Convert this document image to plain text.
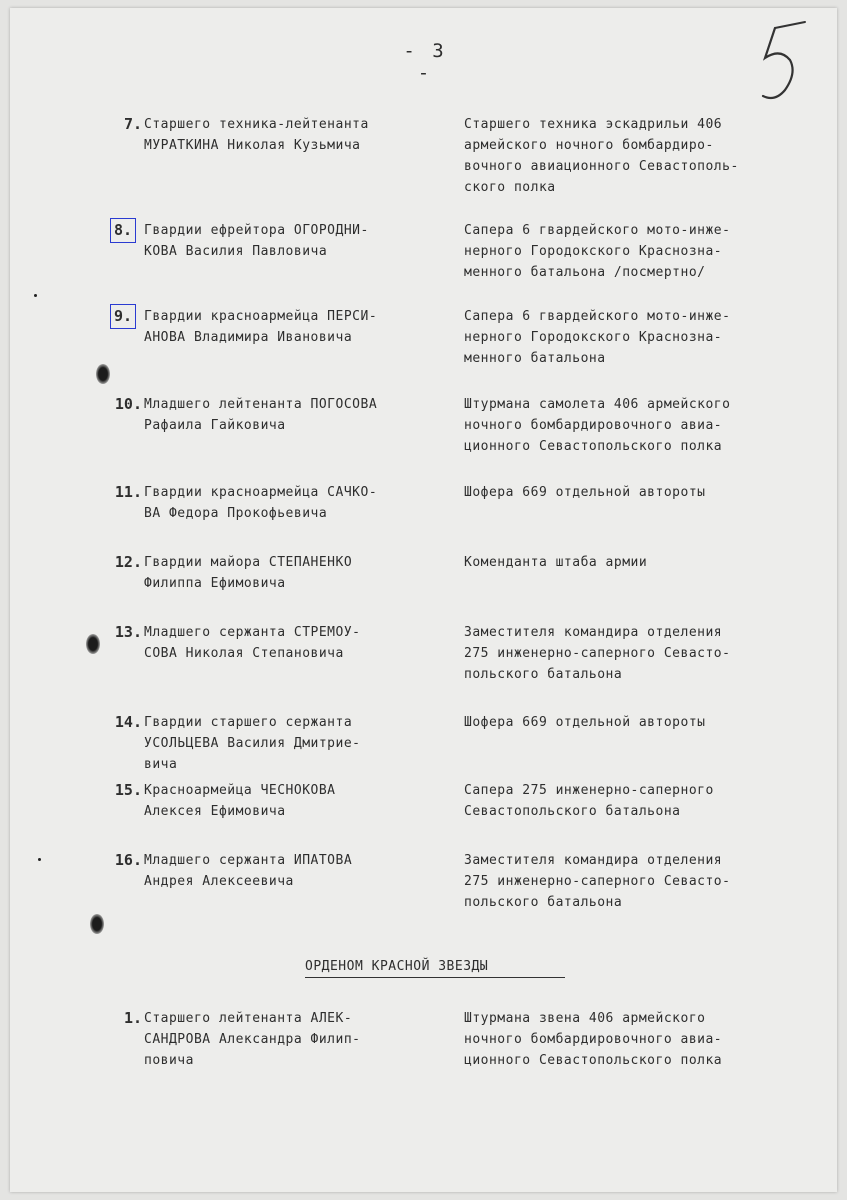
- 3 -
7. Старшего техника-лейтенанта
МУРАТКИНА Николая Кузьмича
Старшего техника эскадрильи 406
армейского ночного бомбардиро-
вочного авиационного Севастополь-
ского полка
8. Гвардии ефрейтора ОГОРОДНИ-
КОВА Василия Павловича
Сапера 6 гвардейского мото-инже-
нерного Городокского Краснозна-
менного батальона /посмертно/
9. Гвардии красноармейца ПЕРСИ-
АНОВА Владимира Ивановича
Сапера 6 гвардейского мото-инже-
нерного Городокского Краснозна-
менного батальона
10. Младшего лейтенанта ПОГОСОВА
Рафаила Гайковича
Штурмана самолета 406 армейского
ночного бомбардировочного авиа-
ционного Севастопольского полка
11. Гвардии красноармейца САЧКО-
ВА Федора Прокофьевича
Шофера 669 отдельной автороты
12. Гвардии майора СТЕПАНЕНКО
Филиппа Ефимовича
Коменданта штаба армии
13. Младшего сержанта СТРЕМОУ-
СОВА Николая Степановича
Заместителя командира отделения
275 инженерно-саперного Севасто-
польского батальона
14. Гвардии старшего сержанта
УСОЛЬЦЕВА Василия Дмитрие-
вича
Шофера 669 отдельной автороты
15. Красноармейца ЧЕСНОКОВА
Алексея Ефимовича
Сапера 275 инженерно-саперного
Севастопольского батальона
16. Младшего сержанта ИПАТОВА
Андрея Алексеевича
Заместителя командира отделения
275 инженерно-саперного Севасто-
польского батальона
ОРДЕНОМ КРАСНОЙ ЗВЕЗДЫ
1. Старшего лейтенанта АЛЕК-
САНДРОВА Александра Филип-
повича
Штурмана звена 406 армейского
ночного бомбардировочного авиа-
ционного Севастопольского полка
